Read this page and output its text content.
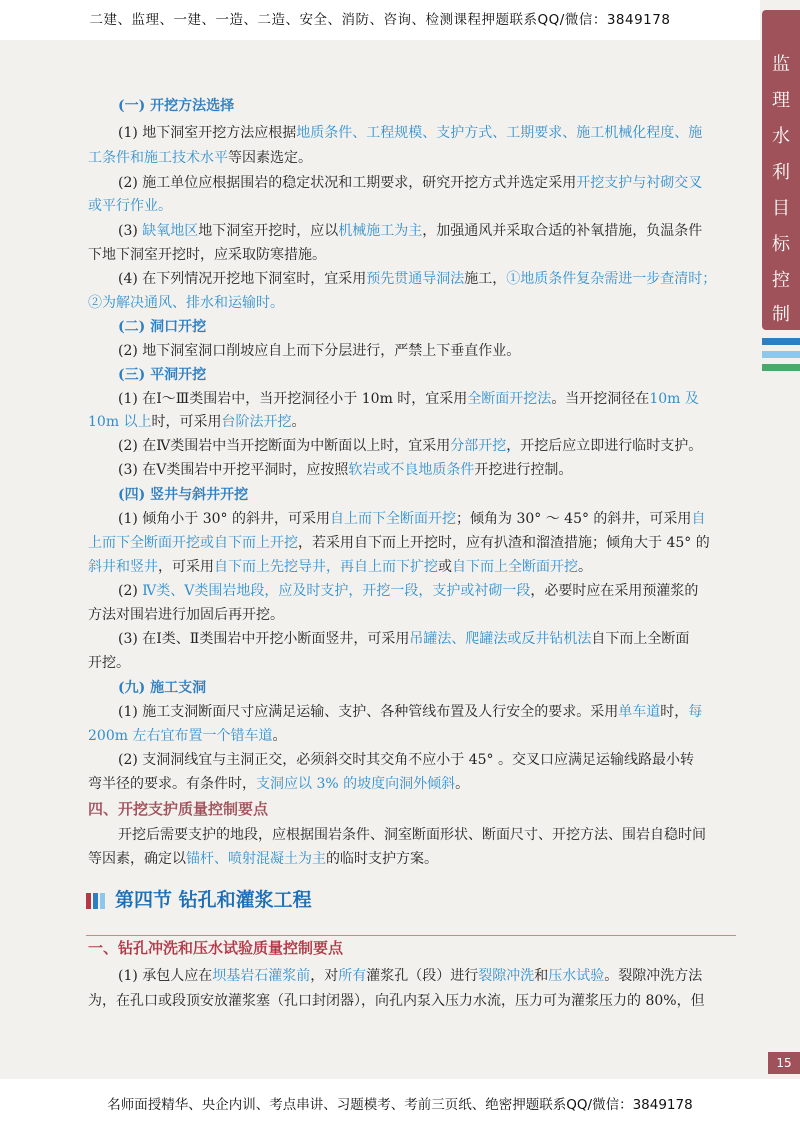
二建、监理、一建、一造、二造、安全、消防、咨询、检测课程押题联系QQ/微信：3849178
监
理
水
利
目
标
控
制
(一) 开挖方法选择
(1) 地下洞室开挖方法应根据地质条件、工程规模、支护方式、工期要求、施工机械化程度、施
工条件和施工技术水平等因素选定。
(2) 施工单位应根据围岩的稳定状况和工期要求，研究开挖方式并选定采用开挖支护与衬砌交叉
或平行作业。
(3) 缺氧地区地下洞室开挖时，应以机械施工为主，加强通风并采取合适的补氧措施，负温条件
下地下洞室开挖时，应采取防寒措施。
(4) 在下列情况开挖地下洞室时，宜采用预先贯通导洞法施工，①地质条件复杂需进一步查清时；
②为解决通风、排水和运输时。
(二) 洞口开挖
(2) 地下洞室洞口削坡应自上而下分层进行，严禁上下垂直作业。
(三) 平洞开挖
(1) 在Ⅰ～Ⅲ类围岩中，当开挖洞径小于 10m 时，宜采用全断面开挖法。当开挖洞径在10m 及
10m 以上时，可采用台阶法开挖。
(2) 在Ⅳ类围岩中当开挖断面为中断面以上时，宜采用分部开挖，开挖后应立即进行临时支护。
(3) 在Ⅴ类围岩中开挖平洞时，应按照软岩或不良地质条件开挖进行控制。
(四) 竖井与斜井开挖
(1) 倾角小于 30° 的斜井，可采用自上而下全断面开挖；倾角为 30° ～ 45° 的斜井，可采用自
上而下全断面开挖或自下而上开挖，若采用自下而上开挖时，应有扒渣和溜渣措施；倾角大于 45° 的
斜井和竖井，可采用自下而上先挖导井，再自上而下扩挖或自下而上全断面开挖。
(2) Ⅳ类、Ⅴ类围岩地段，应及时支护，开挖一段，支护或衬砌一段，必要时应在采用预灌浆的
方法对围岩进行加固后再开挖。
(3) 在Ⅰ类、Ⅱ类围岩中开挖小断面竖井，可采用吊罐法、爬罐法或反井钻机法自下而上全断面
开挖。
(九) 施工支洞
(1) 施工支洞断面尺寸应满足运输、支护、各种管线布置及人行安全的要求。采用单车道时，每
200m 左右宜布置一个错车道。
(2) 支洞洞线宜与主洞正交，必须斜交时其交角不应小于 45° 。交叉口应满足运输线路最小转
弯半径的要求。有条件时，支洞应以 3% 的坡度向洞外倾斜。
四、开挖支护质量控制要点
开挖后需要支护的地段，应根据围岩条件、洞室断面形状、断面尺寸、开挖方法、围岩自稳时间
等因素，确定以锚杆、喷射混凝土为主的临时支护方案。
第四节 钻孔和灌浆工程
一、钻孔冲洗和压水试验质量控制要点
(1) 承包人应在坝基岩石灌浆前，对所有灌浆孔（段）进行裂隙冲洗和压水试验。裂隙冲洗方法
为，在孔口或段顶安放灌浆塞（孔口封闭器），向孔内泵入压力水流，压力可为灌浆压力的 80%，但
15
名师面授精华、央企内训、考点串讲、习题模考、考前三页纸、绝密押题联系QQ/微信：3849178
